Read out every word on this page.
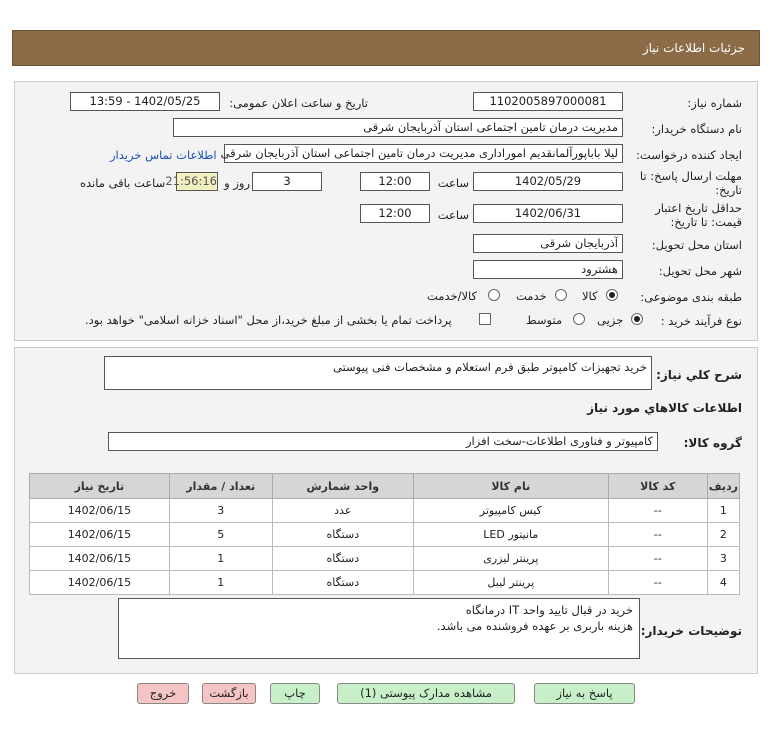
جزئیات اطلاعات نیاز
شماره نیاز:
1102005897000081
تاریخ و ساعت اعلان عمومی:
1402/05/25 - 13:59
نام دستگاه خریدار:
مدیریت درمان تامین اجتماعی استان آذربایجان شرقی
ایجاد کننده درخواست:
لیلا باباپورآلمانقدیم امورادارى مدیریت درمان تامین اجتماعی استان آذربایجان شرقی
اطلاعات تماس خریدار
مهلت ارسال پاسخ: تا
تاریخ:
1402/05/29
ساعت
12:00
3
روز و
21:56:16
ساعت باقی مانده
حداقل تاریخ اعتبار
قیمت: تا تاریخ:
1402/06/31
ساعت
12:00
استان محل تحویل:
آذربایجان شرقی
شهر محل تحویل:
هشترود
طبقه بندی موضوعی:
کالا
خدمت
کالا/خدمت
نوع فرآیند خرید :
جزیی
متوسط
پرداخت تمام یا بخشی از مبلغ خرید،از محل "اسناد خزانه اسلامی" خواهد بود.
شرح کلي نياز:
خرید تجهیزات کامپوتر طبق فرم استعلام و مشخصات فنی پیوستی
اطلاعات کالاهاي مورد نياز
گروه کالا:
کامپیوتر و فناوری اطلاعات-سخت افزار
ردیف	کد کالا	نام کالا	واحد شمارش	تعداد / مقدار	تاریخ نیاز
1	--	کیس کامپیوتر	عدد	3	1402/06/15
2	--	مانیتور LED	دستگاه	5	1402/06/15
3	--	پرینتر لیزری	دستگاه	1	1402/06/15
4	--	پرینتر لیبل	دستگاه	1	1402/06/15
توضیحات خریدار:
خرید در قبال تایید واحد IT درمانگاه
هزینه باربری بر عهده فروشنده می باشد.
پاسخ به نیاز
مشاهده مدارک پیوستی (1)
چاپ
بازگشت
خروج
